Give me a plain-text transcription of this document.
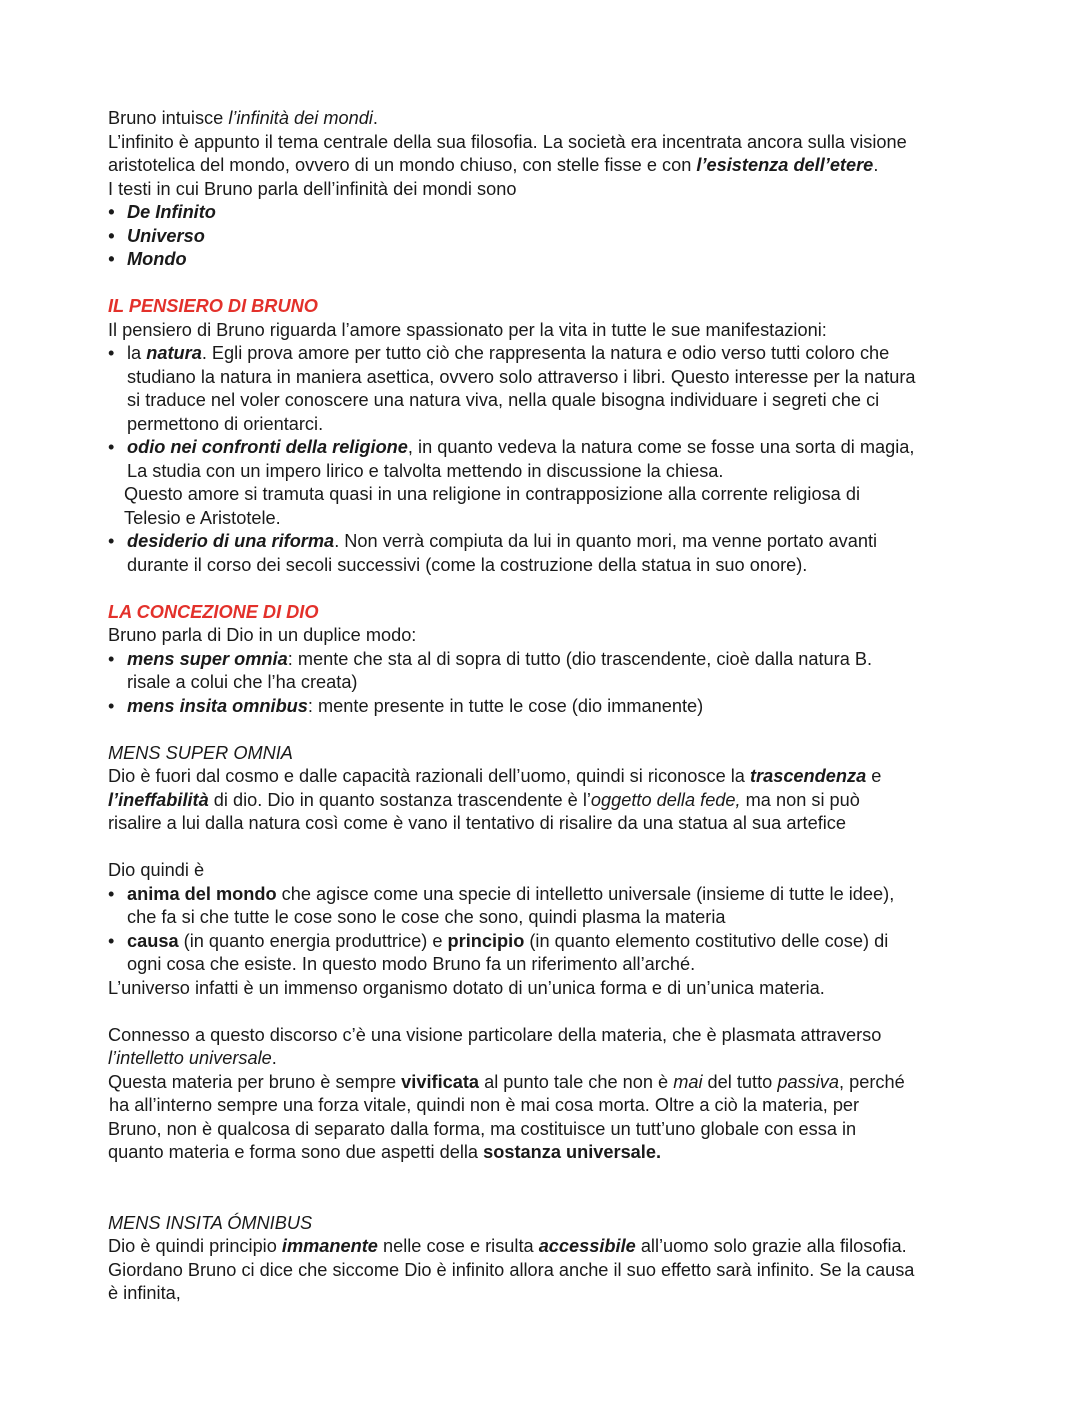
Bruno intuisce l’infinità dei mondi.

L’infinito è appunto il tema centrale della sua filosofia. La società era incentrata ancora sulla visione

aristotelica del mondo, ovvero di un mondo chiuso, con stelle fisse e con l’esistenza dell’etere.

I testi in cui Bruno parla dell’infinità dei mondi sono

• De Infinito
• Universo
• Mondo

IL PENSIERO DI BRUNO

Il pensiero di Bruno riguarda l’amore spassionato per la vita in tutte le sue manifestazioni:

• la natura. Egli prova amore per tutto ciò che rappresenta la natura e odio verso tutti coloro che
studiano la natura in maniera asettica, ovvero solo attraverso i libri. Questo interesse per la natura
si traduce nel voler conoscere una natura viva, nella quale bisogna individuare i segreti che ci
permettono di orientarci.
• odio nei confronti della religione, in quanto vedeva la natura come se fosse una sorta di magia,
La studia con un impero lirico e talvolta mettendo in discussione la chiesa.

Questo amore si tramuta quasi in una religione in contrapposizione alla corrente religiosa di

Telesio e Aristotele.

• desiderio di una riforma. Non verrà compiuta da lui in quanto mori, ma venne portato avanti
durante il corso dei secoli successivi (come la costruzione della statua in suo onore).

LA CONCEZIONE DI DIO

Bruno parla di Dio in un duplice modo:

• mens super omnia: mente che sta al di sopra di tutto (dio trascendente, cioè dalla natura B.
risale a colui che l’ha creata)
• mens insita omnibus: mente presente in tutte le cose (dio immanente)

MENS SUPER OMNIA

Dio è fuori dal cosmo e dalle capacità razionali dell’uomo, quindi si riconosce la trascendenza e

l’ineffabilità di dio. Dio in quanto sostanza trascendente è l’oggetto della fede, ma non si può

risalire a lui dalla natura così come è vano il tentativo di risalire da una statua al sua artefice

Dio quindi è

• anima del mondo che agisce come una specie di intelletto universale (insieme di tutte le idee),
che fa si che tutte le cose sono le cose che sono, quindi plasma la materia
• causa (in quanto energia produttrice) e principio (in quanto elemento costitutivo delle cose) di
ogni cosa che esiste. In questo modo Bruno fa un riferimento all’arché.

L’universo infatti è un immenso organismo dotato di un’unica forma e di un’unica materia.

Connesso a questo discorso c’è una visione particolare della materia, che è plasmata attraverso

l’intelletto universale.

Questa materia per bruno è sempre vivificata al punto tale che non è mai del tutto passiva, perché

ha all’interno sempre una forza vitale, quindi non è mai cosa morta. Oltre a ciò la materia, per

Bruno, non è qualcosa di separato dalla forma, ma costituisce un tutt’uno globale con essa in

quanto materia e forma sono due aspetti della sostanza universale.

MENS INSITA ÓMNIBUS

Dio è quindi principio immanente nelle cose e risulta accessibile all’uomo solo grazie alla filosofia.

Giordano Bruno ci dice che siccome Dio è infinito allora anche il suo effetto sarà infinito. Se la causa

è infinita,
